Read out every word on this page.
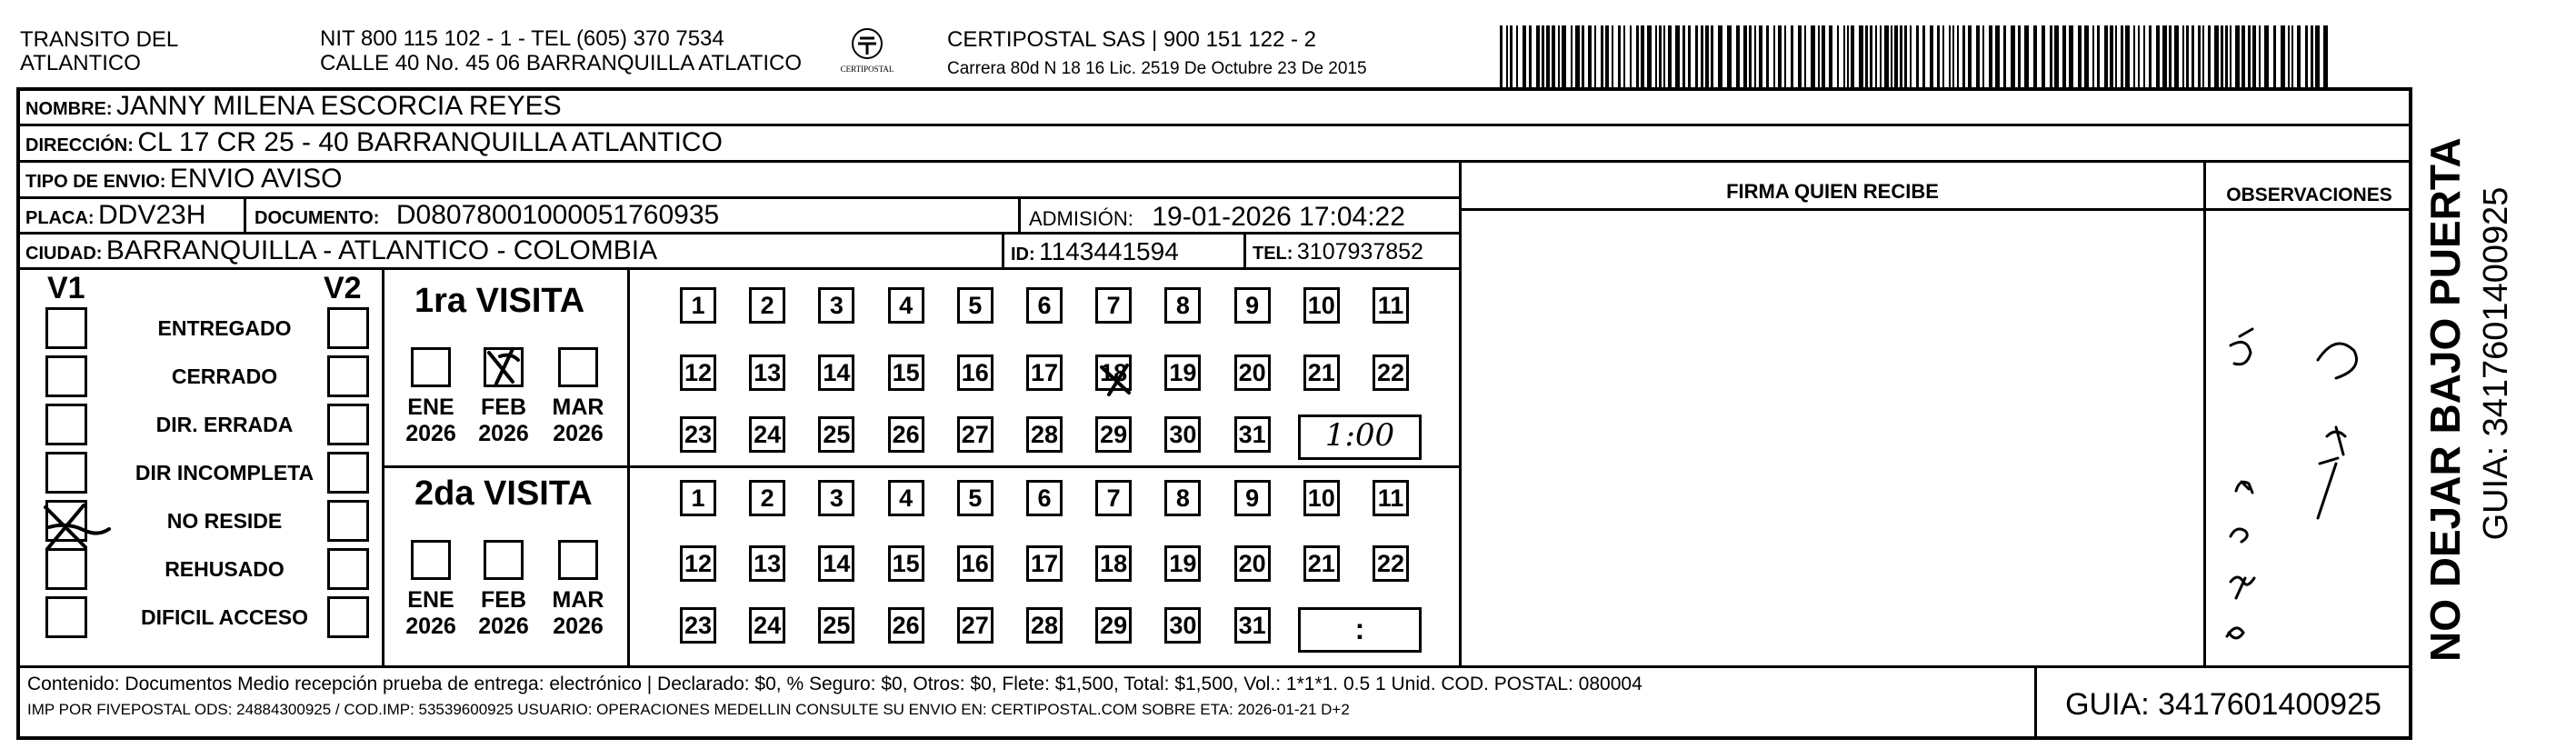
TRANSITO DEL
ATLANTICO
NIT 800 115 102 - 1 - TEL (605) 370 7534
CALLE 40 No. 45 06 BARRANQUILLA ATLATICO	CERTIPOSTAL
CERTIPOSTAL SAS | 900 151 122 - 2
Carrera 80d N 18 16 Lic. 2519 De Octubre 23 De 2015
NOMBRE: JANNY MILENA ESCORCIA REYES
DIRECCIÓN: CL 17 CR 25 - 40 BARRANQUILLA ATLANTICO
TIPO DE ENVIO: ENVIO AVISO
PLACA: DDV23H	DOCUMENTO: D08078001000051760935	ADMISIÓN: 19-01-2026 17:04:22
CIUDAD: BARRANQUILLA - ATLANTICO - COLOMBIA	ID: 1143441594	TEL: 3107937852
FIRMA QUIEN RECIBE	OBSERVACIONES
V1	V2
ENTREGADO
CERRADO
DIR. ERRADA
DIR INCOMPLETA
NO RESIDE
REHUSADO
DIFICIL ACCESO
1ra VISITA
2da VISITA
ENE
2026
FEB
2026
MAR
2026
ENE
2026
FEB
2026
MAR
2026
1	2	3	4	5	6	7	8	9	10 11
12 13 14 15 16 17 18 19 20 21 22
23 24 25 26 27 28 29 30 31
1	2	3	4	5	6	7	8	9	10 11
12 13 14 15 16 17 18 19 20 21 22
23 24 25 26 27 28 29 30 31
1:00
:
Contenido: Documentos Medio recepción prueba de entrega: electrónico | Declarado: $0, % Seguro: $0, Otros: $0, Flete: $1,500, Total: $1,500, Vol.: 1*1*1. 0.5 1 Unid. COD. POSTAL: 080004
IMP POR FIVEPOSTAL ODS: 24884300925 / COD.IMP: 53539600925 USUARIO: OPERACIONES MEDELLIN CONSULTE SU ENVIO EN: CERTIPOSTAL.COM SOBRE ETA: 2026-01-21 D+2	GUIA: 3417601400925
NO DEJAR BAJO PUERTA GUIA: 3417601400925
